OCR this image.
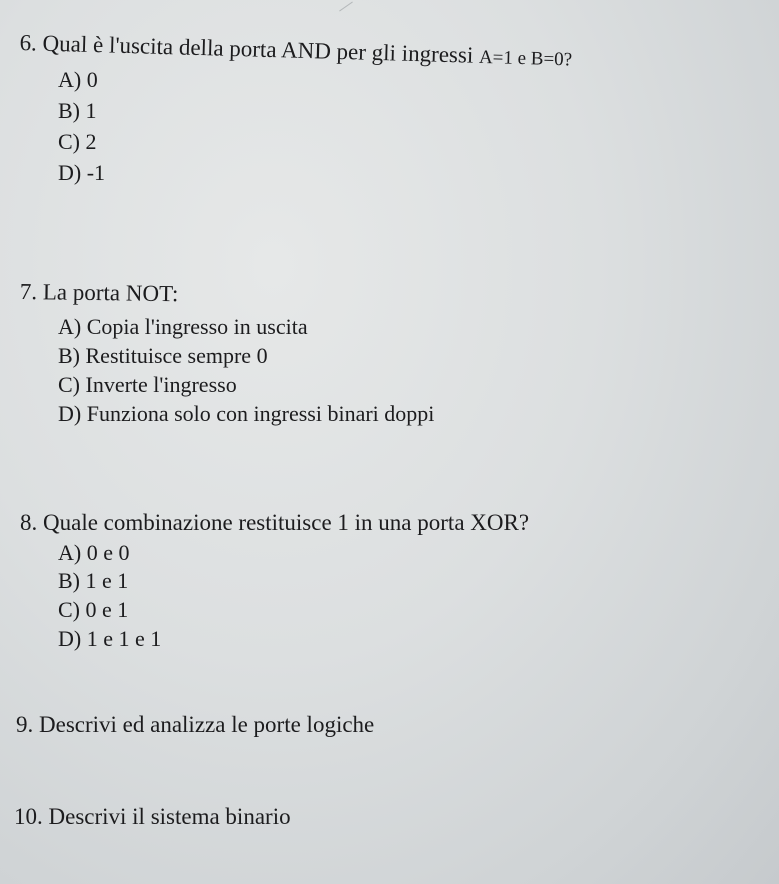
6. Qual è l'uscita della porta AND per gli ingressi A=1 e B=0?
A) 0
B) 1
C) 2
D) -1
7. La porta NOT:
A) Copia l'ingresso in uscita
B) Restituisce sempre 0
C) Inverte l'ingresso
D) Funziona solo con ingressi binari doppi
8. Quale combinazione restituisce 1 in una porta XOR?
A) 0 e 0
B) 1 e 1
C) 0 e 1
D) 1 e 1 e 1
9. Descrivi ed analizza le porte logiche
10. Descrivi il sistema binario
